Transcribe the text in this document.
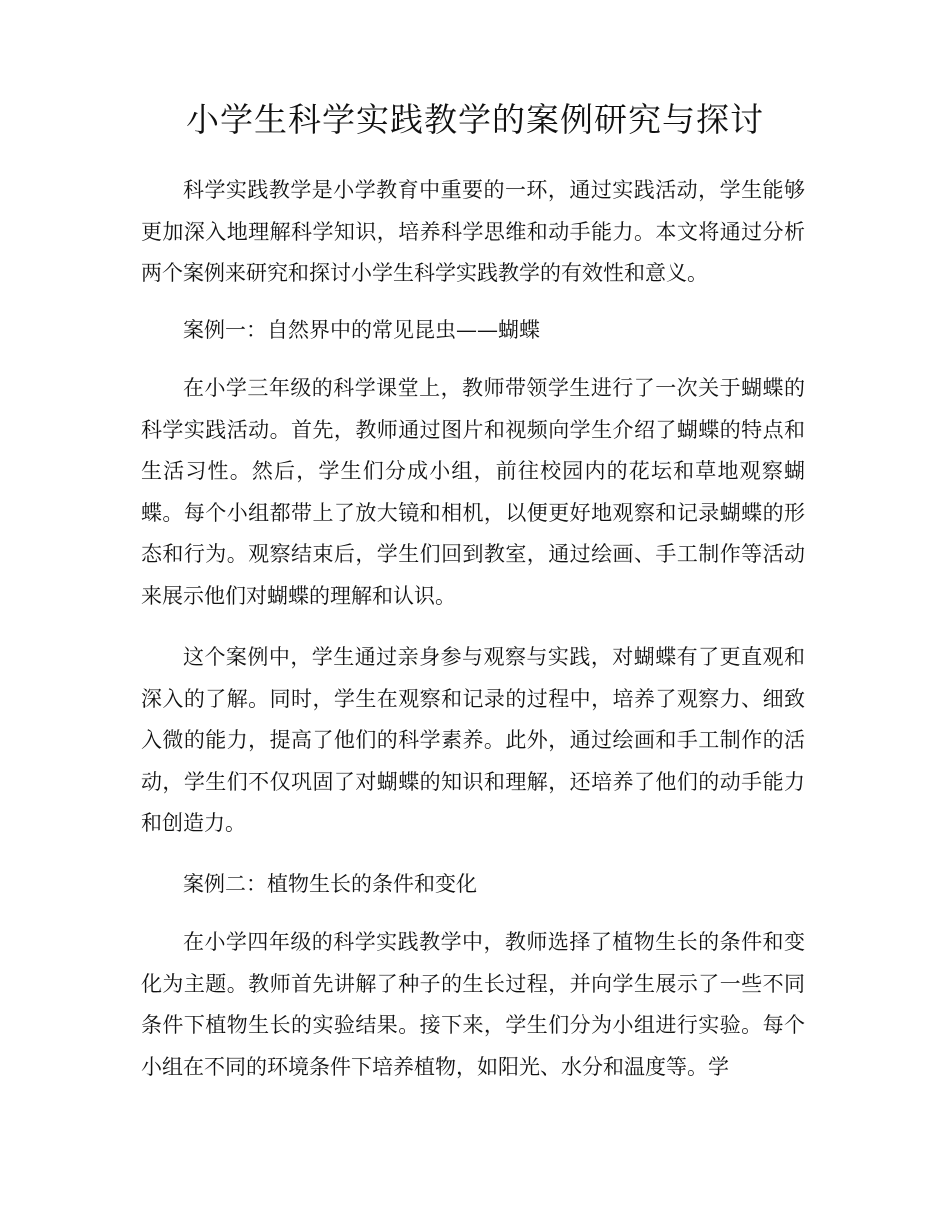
小学生科学实践教学的案例研究与探讨

科学实践教学是小学教育中重要的一环，通过实践活动，学生能够更加深入地理解科学知识，培养科学思维和动手能力。本文将通过分析两个案例来研究和探讨小学生科学实践教学的有效性和意义。

案例一：自然界中的常见昆虫——蝴蝶

在小学三年级的科学课堂上，教师带领学生进行了一次关于蝴蝶的科学实践活动。首先，教师通过图片和视频向学生介绍了蝴蝶的特点和生活习性。然后，学生们分成小组，前往校园内的花坛和草地观察蝴蝶。每个小组都带上了放大镜和相机，以便更好地观察和记录蝴蝶的形态和行为。观察结束后，学生们回到教室，通过绘画、手工制作等活动来展示他们对蝴蝶的理解和认识。

这个案例中，学生通过亲身参与观察与实践，对蝴蝶有了更直观和深入的了解。同时，学生在观察和记录的过程中，培养了观察力、细致入微的能力，提高了他们的科学素养。此外，通过绘画和手工制作的活动，学生们不仅巩固了对蝴蝶的知识和理解，还培养了他们的动手能力和创造力。

案例二：植物生长的条件和变化

在小学四年级的科学实践教学中，教师选择了植物生长的条件和变化为主题。教师首先讲解了种子的生长过程，并向学生展示了一些不同条件下植物生长的实验结果。接下来，学生们分为小组进行实验。每个小组在不同的环境条件下培养植物，如阳光、水分和温度等。学
